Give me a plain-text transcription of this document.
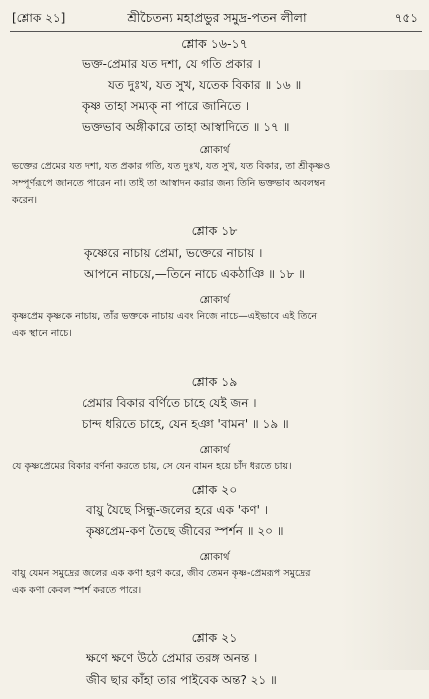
[শ্লোক ২১]	শ্রীচৈতন্য মহাপ্রভুর সমুদ্র-পতন লীলা	৭৫১
শ্লোক ১৬-১৭
ভক্ত-প্রেমার যত দশা, যে গতি প্রকার ।
যত দুঃখ, যত সুখ, যতেক বিকার ॥ ১৬ ॥
কৃষ্ণ তাহা সম্যক্ না পারে জানিতে ।
ভক্তভাব অঙ্গীকারে তাহা আস্বাদিতে ॥ ১৭ ॥
শ্লোকার্থ
ভক্তের প্রেমের যত দশা, যত প্রকার গতি, যত দুঃখ, যত সুখ, যত বিকার, তা শ্রীকৃষ্ণও
সম্পূর্ণরূপে জানতে পারেন না। তাই তা আস্বাদন করার জন্য তিনি ভক্তভাব অবলম্বন
করেন।
শ্লোক ১৮
কৃষ্ণেরে নাচায় প্রেমা, ভক্তেরে নাচায় ।
আপনে নাচয়ে,—তিনে নাচে একঠাঞি ॥ ১৮ ॥
শ্লোকার্থ
কৃষ্ণপ্রেম কৃষ্ণকে নাচায়, তাঁর ভক্তকে নাচায় এবং নিজে নাচে—এইভাবে এই তিনে
এক স্থানে নাচে।
শ্লোক ১৯
প্রেমার বিকার বর্ণিতে চাহে যেই জন ।
চান্দ ধরিতে চাহে, যেন হঞা 'বামন' ॥ ১৯ ॥
শ্লোকার্থ
যে কৃষ্ণপ্রেমের বিকার বর্ণনা করতে চায়, সে যেন বামন হয়ে চাঁদ ধরতে চায়।
শ্লোক ২০
বায়ু যৈছে সিন্ধু-জলের হরে এক 'কণ' ।
কৃষ্ণপ্রেম-কণ তৈছে জীবের স্পর্শন ॥ ২০ ॥
শ্লোকার্থ
বায়ু যেমন সমুদ্রের জলের এক কণা হরণ করে, জীব তেমন কৃষ্ণ-প্রেমরূপ সমুদ্রের
এক কণা কেবল স্পর্শ করতে পারে।
শ্লোক ২১
ক্ষণে ক্ষণে উঠে প্রেমার তরঙ্গ অনন্ত ।
জীব ছার কাঁহা তার পাইবেক অন্ত? ২১ ॥
